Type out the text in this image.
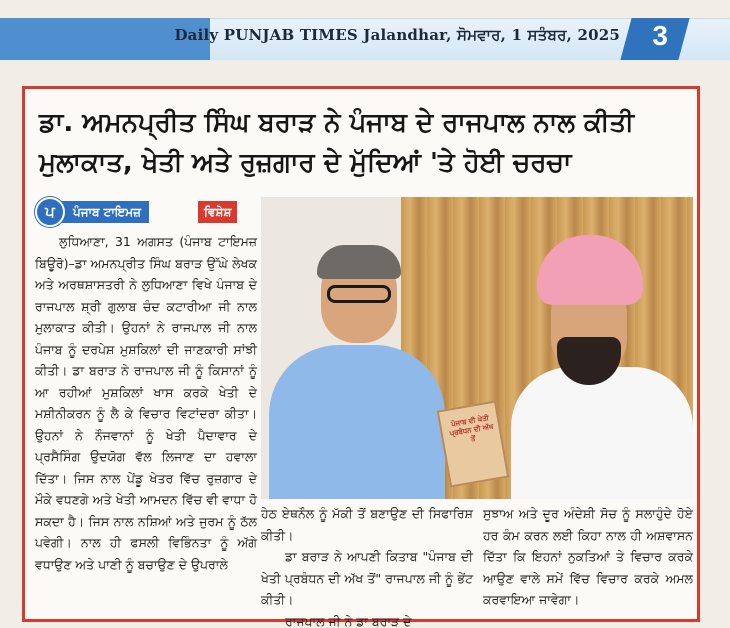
Daily PUNJAB TIMES Jalandhar, ਸੋਮਵਾਰ, 1 ਸਤੰਬਰ, 2025 3
ਡਾ. ਅਮਨਪ੍ਰੀਤ ਸਿੰਘ ਬਰਾੜ ਨੇ ਪੰਜਾਬ ਦੇ ਰਾਜਪਾਲ ਨਾਲ ਕੀਤੀ ਮੁਲਾਕਾਤ, ਖੇਤੀ ਅਤੇ ਰੁਜ਼ਗਾਰ ਦੇ ਮੁੱਦਿਆਂ 'ਤੇ ਹੋਈ ਚਰਚਾ
ਪੰਜਾਬ ਟਾਇਮਜ਼
ਪ	ਵਿਸ਼ੇਸ਼

ਲੁਧਿਆਣਾ, 31 ਅਗਸਤ (ਪੰਜਾਬ ਟਾਇਮਜ਼ ਬਿਊਰੋ)–ਡਾ ਅਮਨਪ੍ਰੀਤ ਸਿੰਘ ਬਰਾੜ ਉੱਘੇ ਲੇਖਕ ਅਤੇ ਅਰਥਸ਼ਾਸਤਰੀ ਨੇ ਲੁਧਿਆਣਾ ਵਿਖੇ ਪੰਜਾਬ ਦੇ ਰਾਜਪਾਲ ਸ਼੍ਰੀ ਗੁਲਾਬ ਚੰਦ ਕਟਾਰੀਆ ਜੀ ਨਾਲ ਮੁਲਾਕਾਤ ਕੀਤੀ। ਉਹਨਾਂ ਨੇ ਰਾਜਪਾਲ ਜੀ ਨਾਲ ਪੰਜਾਬ ਨੂੰ ਦਰਪੇਸ਼ ਮੁਸ਼ਕਿਲਾਂ ਦੀ ਜਾਣਕਾਰੀ ਸਾਂਝੀ ਕੀਤੀ। ਡਾ ਬਰਾੜ ਨੇ ਰਾਜਪਾਲ ਜੀ ਨੂੰ ਕਿਸਾਨਾਂ ਨੂੰ ਆ ਰਹੀਆਂ ਮੁਸ਼ਕਿਲਾਂ ਖਾਸ ਕਰਕੇ ਖੇਤੀ ਦੇ ਮਸ਼ੀਨੀਕਰਨ ਨੂੰ ਲੈ ਕੇ ਵਿਚਾਰ ਵਿਟਾਂਦਰਾ ਕੀਤਾ। ਉਹਨਾਂ ਨੇ ਨੌਜਵਾਨਾਂ ਨੂੰ ਖੇਤੀ ਪੈਦਾਵਾਰ ਦੇ ਪ੍ਰਸੈਸਿੰਗ ਉਦਯੋਗ ਵੱਲ ਲਿਜਾਣ ਦਾ ਹਵਾਲਾ ਦਿੱਤਾ। ਜਿਸ ਨਾਲ ਪੇਂਡੂ ਖੇਤਰ ਵਿੱਚ ਰੁਜ਼ਗਾਰ ਦੇ ਮੌਕੇ ਵਧਣਗੇ ਅਤੇ ਖੇਤੀ ਆਮਦਨ ਵਿੱਚ ਵੀ ਵਾਧਾ ਹੋ ਸਕਦਾ ਹੈ। ਜਿਸ ਨਾਲ ਨਸ਼ਿਆਂ ਅਤੇ ਜੁਰਮ ਨੂੰ ਠੱਲ ਪਵੇਗੀ। ਨਾਲ ਹੀ ਫਸਲੀ ਵਿਭਿੰਨਤਾ ਨੂੰ ਅੱਗੇ ਵਧਾਉਣ ਅਤੇ ਪਾਣੀ ਨੂੰ ਬਚਾਉਣ ਦੇ ਉਪਰਾਲੇ

ਪੰਜਾਬ ਦੀ ਖੇਤੀ ਪ੍ਰਬੰਧਨ ਦੀ ਅੱਖ ਤੋਂ

ਹੇਠ ਏਥਨੌਲ ਨੂੰ ਮੱਕੀ ਤੋਂ ਬਣਾਉਣ ਦੀ ਸਿਫਾਰਿਸ਼ ਕੀਤੀ।

ਡਾ ਬਰਾੜ ਨੇ ਆਪਣੀ ਕਿਤਾਬ "ਪੰਜਾਬ ਦੀ ਖੇਤੀ ਪ੍ਰਬੰਧਨ ਦੀ ਅੱਖ ਤੋਂ" ਰਾਜਪਾਲ ਜੀ ਨੂੰ ਭੇਂਟ ਕੀਤੀ।

ਰਾਜਪਾਲ ਜੀ ਨੇ ਡਾ ਬਰਾੜ ਦੇ

ਸੁਝਾਅ ਅਤੇ ਦੂਰ ਅੰਦੇਸ਼ੀ ਸੋਚ ਨੂੰ ਸਲਾਹੁੰਦੇ ਹੋਏ ਹਰ ਕੰਮ ਕਰਨ ਲਈ ਕਿਹਾ ਨਾਲ ਹੀ ਅਸ਼ਵਾਸਨ ਦਿੱਤਾ ਕਿ ਇਹਨਾਂ ਨੁਕਤਿਆਂ ਤੇ ਵਿਚਾਰ ਕਰਕੇ ਆਉਣ ਵਾਲੇ ਸਮੇਂ ਵਿੱਚ ਵਿਚਾਰ ਕਰਕੇ ਅਮਲ ਕਰਵਾਇਆ ਜਾਵੇਗਾ।
